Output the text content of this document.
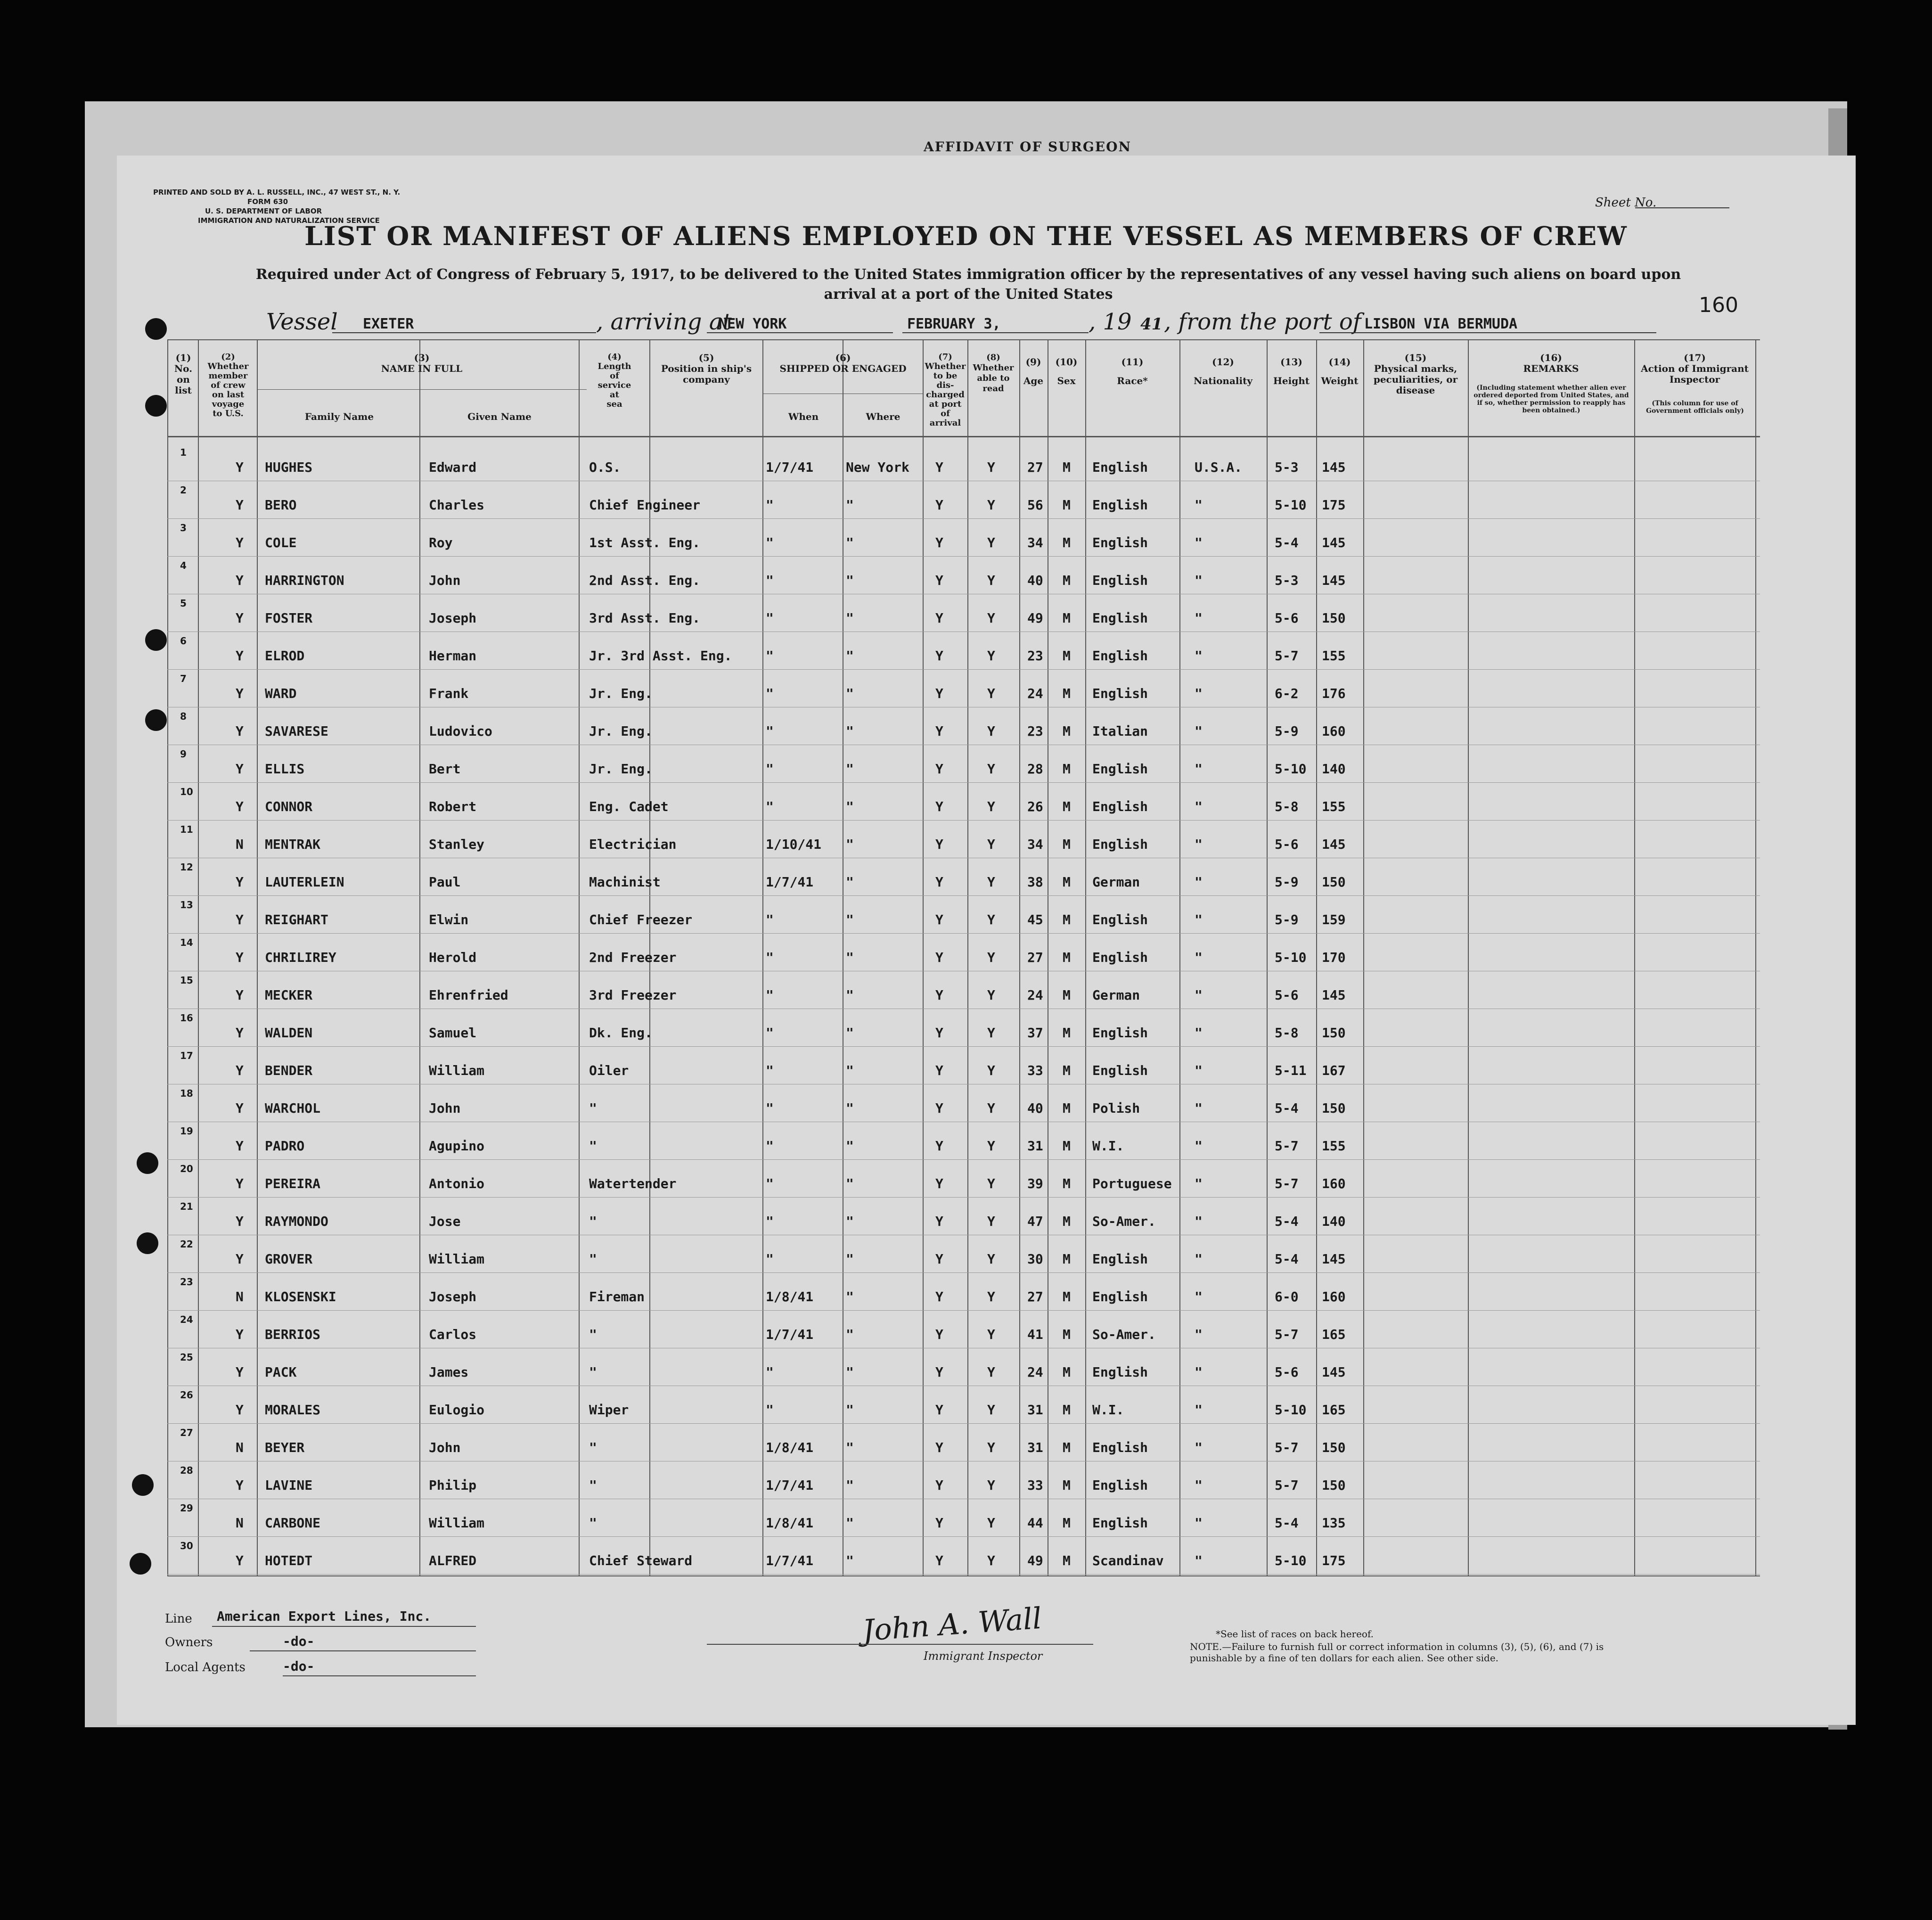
AFFIDAVIT OF SURGEON
PRINTED AND SOLD BY A. L. RUSSELL, INC., 47 WEST ST., N. Y.
FORM 630
U. S. DEPARTMENT OF LABOR
IMMIGRATION AND NATURALIZATION SERVICE
Sheet No.
LIST OR MANIFEST OF ALIENS EMPLOYED ON THE VESSEL AS MEMBERS OF CREW
Required under Act of Congress of February 5, 1917, to be delivered to the United States immigration officer by the representatives of any vessel having such aliens on board upon arrival at a port of the United States	160
Vessel EXETER	, arriving at
NEW YORK	FEBRUARY 3,	, 19 41 , from the port of LISBON VIA BERMUDA
(1)
No.
on
list
(2)
Whether
member
of crew
on last
voyage
to U.S.
(3)
NAME IN FULL
Family Name	Given Name
(4)
Length
of
service
at
sea
(5)
Position in ship's
company
(6)
SHIPPED OR ENGAGED
When	Where
(7)
Whether
to be
dis-
charged
at port of
arrival
(8)
Whether
able to
read
(9)
Age
(10)
Sex
(11)
Race*
(12)
Nationality
(13)
Height
(14)
Weight
(15)
Physical marks,
peculiarities, or
disease
(16)
REMARKS
(Including statement whether alien ever ordered deported from United States, and if so, whether permission to reapply has been obtained.)
(17)
Action of Immigrant
Inspector
(This column for use of Government officials only)
1
Y HUGHES	Edward	O.S.	1/7/41 New York Y	Y 27 M English	U.S.A. 5-3 145
2
Y BERO	Charles	Chief Engineer	"	"	Y	Y 56 M English	"	5-10 175
3
Y COLE	Roy	1st Asst. Eng.	"	"	Y	Y 34 M English	"	5-4 145
4
Y HARRINGTON	John	2nd Asst. Eng.	"	"	Y	Y 40 M English	"	5-3 145
5
Y FOSTER	Joseph	3rd Asst. Eng.	"	"	Y	Y 49 M English	"	5-6 150
6
Y ELROD	Herman	Jr. 3rd Asst. Eng.	"	"	Y	Y 23 M English	"	5-7 155
7
Y WARD	Frank	Jr. Eng.	"	"	Y	Y 24 M English	"	6-2 176
8
Y SAVARESE	Ludovico	Jr. Eng.	"	"	Y	Y 23 M Italian	"	5-9 160
9
Y ELLIS	Bert	Jr. Eng.	"	"	Y	Y 28 M English	"	5-10 140
10
Y CONNOR	Robert	Eng. Cadet	"	"	Y	Y 26 M English	"	5-8 155
11
N MENTRAK	Stanley	Electrician	1/10/41 "	Y	Y 34 M English	"	5-6 145
12
Y LAUTERLEIN	Paul	Machinist	1/7/41 "	Y	Y 38 M German	"	5-9 150
13
Y REIGHART	Elwin	Chief Freezer	"	"	Y	Y 45 M English	"	5-9 159
14
Y CHRILIREY	Herold	2nd Freezer	"	"	Y	Y 27 M English	"	5-10 170
15
Y MECKER	Ehrenfried	3rd Freezer	"	"	Y	Y 24 M German	"	5-6 145
16
Y WALDEN	Samuel	Dk. Eng.	"	"	Y	Y 37 M English	"	5-8 150
17
Y BENDER	William	Oiler	"	"	Y	Y 33 M English	"	5-11 167
18
Y WARCHOL	John	"	"	"	Y	Y 40 M Polish	"	5-4 150
19
Y PADRO	Agupino	"	"	"	Y	Y 31 M W.I.	"	5-7 155
20
Y PEREIRA	Antonio	Watertender	"	"	Y	Y 39 M Portuguese "	5-7 160
21
Y RAYMONDO	Jose	"	"	"	Y	Y 47 M So-Amer.	"	5-4 140
22
Y GROVER	William	"	"	"	Y	Y 30 M English	"	5-4 145
23
N KLOSENSKI	Joseph	Fireman	1/8/41 "	Y	Y 27 M English	"	6-0 160
24
Y BERRIOS	Carlos	"	1/7/41 "	Y	Y 41 M So-Amer.	"	5-7 165
25
Y PACK	James	"	"	"	Y	Y 24 M English	"	5-6 145
26
Y MORALES	Eulogio	Wiper	"	"	Y	Y 31 M W.I.	"	5-10 165
27
N BEYER	John	"	1/8/41 "	Y	Y 31 M English	"	5-7 150
28
Y LAVINE	Philip	"	1/7/41 "	Y	Y 33 M English	"	5-7 150
29
N CARBONE	William	"	1/8/41 "	Y	Y 44 M English	"	5-4 135
30
Y HOTEDT	ALFRED	Chief Steward	1/7/41 "	Y	Y 49 M Scandinav "	5-10 175
Line American Export Lines, Inc.
Owners	-do-
Local Agents	-do-
John A. Wall
Immigrant Inspector
*See list of races on back hereof.
NOTE.—Failure to furnish full or correct information in columns (3), (5), (6), and (7) is punishable by a fine of ten dollars for each alien. See other side.
